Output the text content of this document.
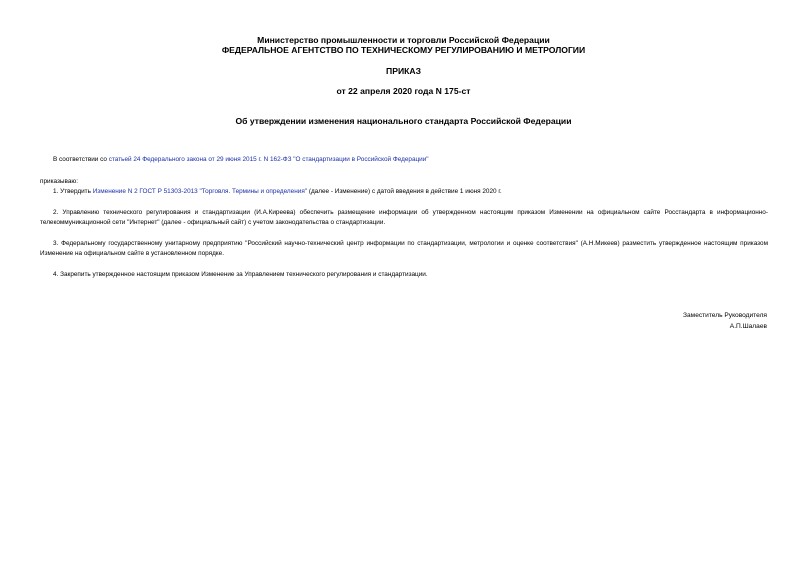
Министерство промышленности и торговли Российской Федерации
ФЕДЕРАЛЬНОЕ АГЕНТСТВО ПО ТЕХНИЧЕСКОМУ РЕГУЛИРОВАНИЮ И МЕТРОЛОГИИ
ПРИКАЗ
от 22 апреля 2020 года N 175-ст
Об утверждении изменения национального стандарта Российской Федерации
В соответствии со статьей 24 Федерального закона от 29 июня 2015 г. N 162-ФЗ "О стандартизации в Российской Федерации"
приказываю:
1. Утвердить Изменение N 2 ГОСТ Р 51303-2013 "Торговля. Термины и определения" (далее - Изменение) с датой введения в действие 1 июня 2020 г.
2. Управлению технического регулирования и стандартизации (И.А.Киреева) обеспечить размещение информации об утвержденном настоящим приказом Изменении на официальном сайте Росстандарта в информационно-телекоммуникационной сети "Интернет" (далее - официальный сайт) с учетом законодательства о стандартизации.
3. Федеральному государственному унитарному предприятию "Российский научно-технический центр информации по стандартизации, метрологии и оценке соответствия" (А.Н.Микеев) разместить утвержденное настоящим приказом Изменение на официальном сайте в установленном порядке.
4. Закрепить утвержденное настоящим приказом Изменение за Управлением технического регулирования и стандартизации.
Заместитель Руководителя
А.П.Шалаев
